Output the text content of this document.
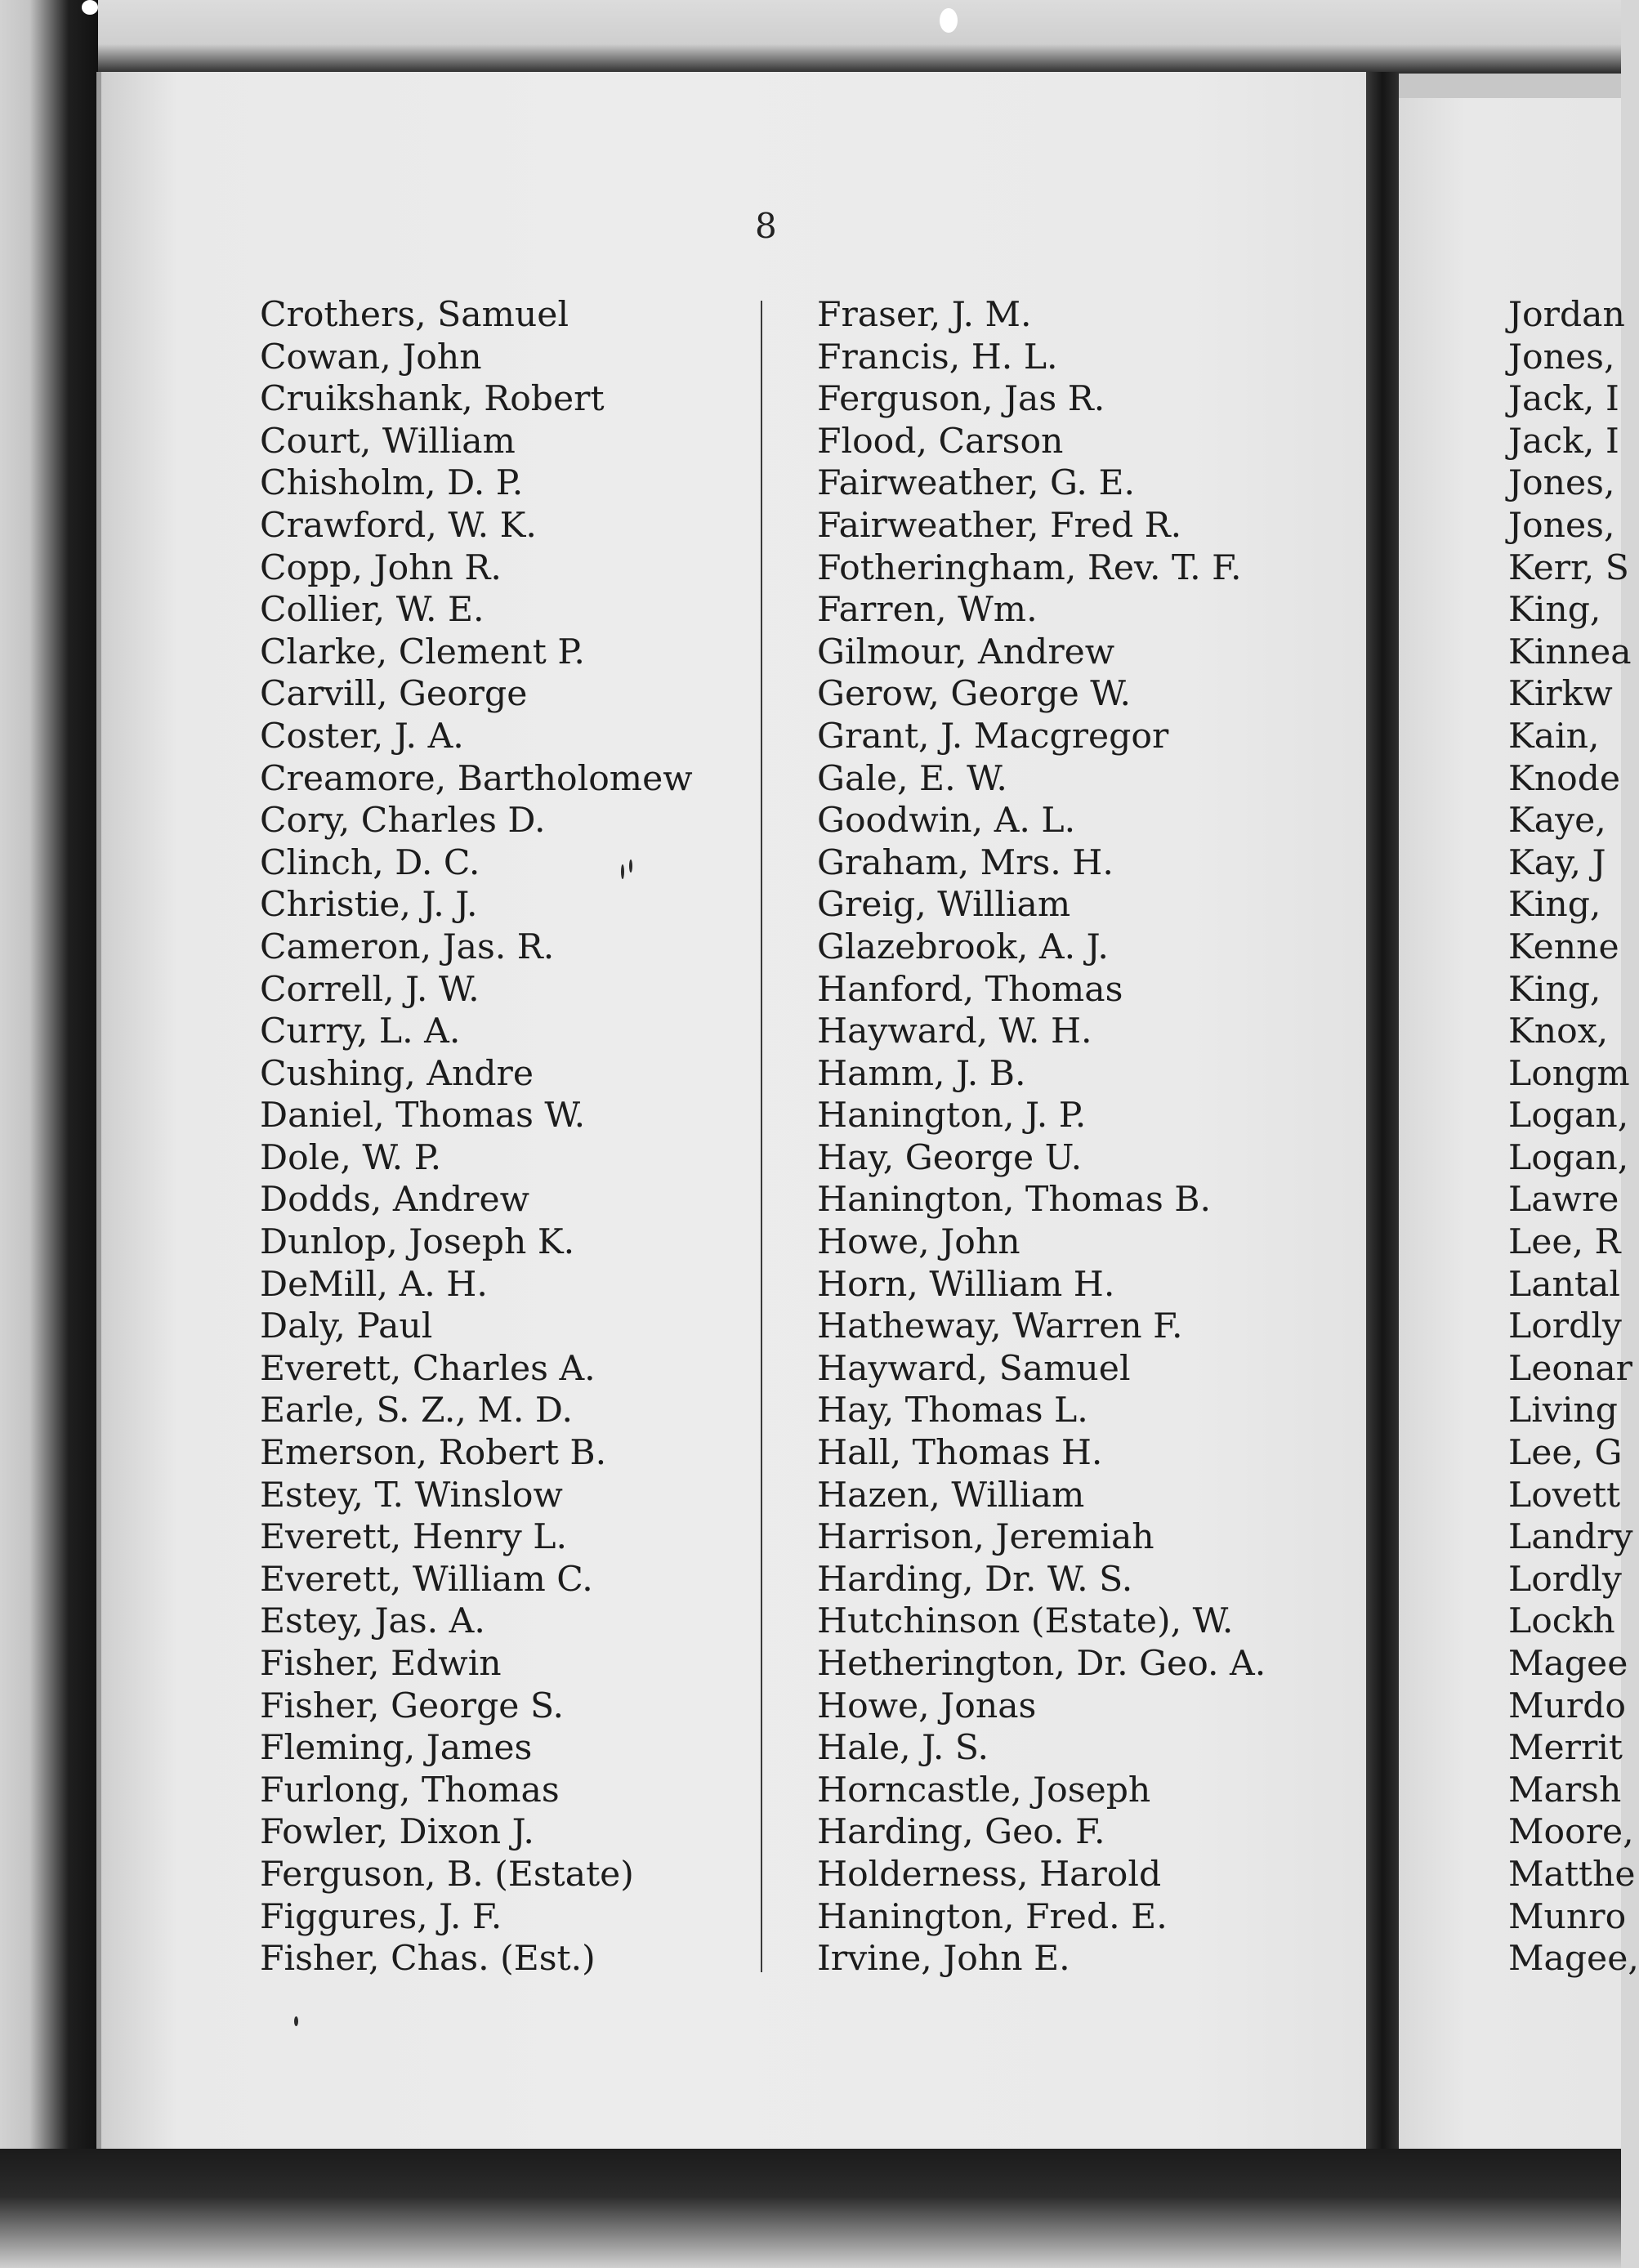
8
Crothers, Samuel
Cowan, John
Cruikshank, Robert
Court, William
Chisholm, D. P.
Crawford, W. K.
Copp, John R.
Collier, W. E.
Clarke, Clement P.
Carvill, George
Coster, J. A.
Creamore, Bartholomew
Cory, Charles D.
Clinch, D. C.
Christie, J. J.
Cameron, Jas. R.
Correll, J. W.
Curry, L. A.
Cushing, Andre
Daniel, Thomas W.
Dole, W. P.
Dodds, Andrew
Dunlop, Joseph K.
DeMill, A. H.
Daly, Paul
Everett, Charles A.
Earle, S. Z., M. D.
Emerson, Robert B.
Estey, T. Winslow
Everett, Henry L.
Everett, William C.
Estey, Jas. A.
Fisher, Edwin
Fisher, George S.
Fleming, James
Furlong, Thomas
Fowler, Dixon J.
Ferguson, B. (Estate)
Figgures, J. F.
Fisher, Chas. (Est.)
Fraser, J. M.
Francis, H. L.
Ferguson, Jas R.
Flood, Carson
Fairweather, G. E.
Fairweather, Fred R.
Fotheringham, Rev. T. F.
Farren, Wm.
Gilmour, Andrew
Gerow, George W.
Grant, J. Macgregor
Gale, E. W.
Goodwin, A. L.
Graham, Mrs. H.
Greig, William
Glazebrook, A. J.
Hanford, Thomas
Hayward, W. H.
Hamm, J. B.
Hanington, J. P.
Hay, George U.
Hanington, Thomas B.
Howe, John
Horn, William H.
Hatheway, Warren F.
Hayward, Samuel
Hay, Thomas L.
Hall, Thomas H.
Hazen, William
Harrison, Jeremiah
Harding, Dr. W. S.
Hutchinson (Estate), W.
Hetherington, Dr. Geo. A.
Howe, Jonas
Hale, J. S.
Horncastle, Joseph
Harding, Geo. F.
Holderness, Harold
Hanington, Fred. E.
Irvine, John E.
Jordan
Jones,
Jack, I
Jack, I
Jones,
Jones,
Kerr, S
King,
Kinnea
Kirkw
Kain,
Knode
Kaye,
Kay, J
King,
Kenne
King,
Knox,
Longm
Logan,
Logan,
Lawre
Lee, R
Lantal
Lordly
Leonar
Living
Lee, G
Lovett
Landry
Lordly
Lockh
Magee
Murdo
Merrit
Marsh
Moore,
Matthe
Munro
Magee,
